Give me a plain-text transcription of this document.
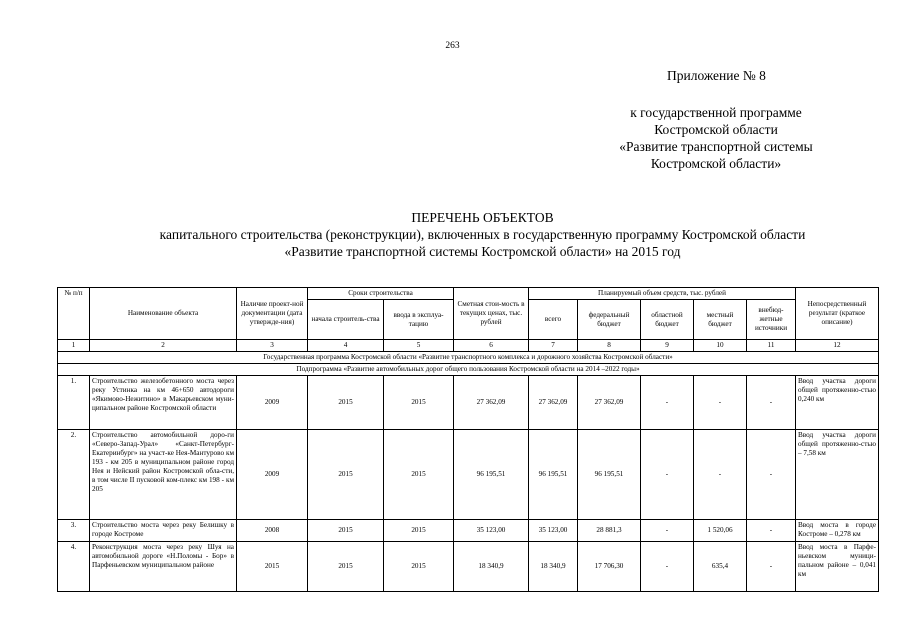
263
Приложение № 8
к государственной программе
Костромской области
«Развитие транспортной системы
Костромской области»
ПЕРЕЧЕНЬ ОБЪЕКТОВ
капитального строительства (реконструкции), включенных в государственную программу Костромской области
«Развитие транспортной системы Костромской области» на 2015 год
№ п/п	Наименование объекта	Наличие проект-ной документации (дата утвержде-ния)	Сроки строительства		Сметная стои-мость в текущих ценах, тыс. рублей	Планируемый объем средств, тыс. рублей					Непосредственный результат (краткое описание)
			начала строитель-ства	ввода в эксплуа-тацию		всего	федеральный бюджет	областной бюджет	местный бюджет	внебюд-жетные источники	
1	2	3	4	5	6	7	8	9	10	11	12
Государственная программа Костромской области «Развитие транспортного комплекса и дорожного хозяйства Костромской области»											
Подпрограмма «Развитие автомобильных дорог общего пользования Костромской области на 2014 –2022 годы»											
1.	Строительство железобетонного моста через реку Устинка на км 46+650 автодороги «Якимово-Нежитино» в Макарьевском муни-ципальном районе Костромской области	2009	2015	2015	27 362,09	27 362,09	27 362,09	-	-	-	Ввод участка дороги общей протяженно-стью 0,240 км
2.	Строительство автомобильной доро-ги «Северо-Запад-Урал» «Санкт-Петербург-Екатеринбург» на участ-ке Нея-Мантурово км 193 - км 205 в муниципальном районе город Нея и Нейский район Костромской обла-сти, в том числе II пусковой ком-плекс км 198 - км 205	2009	2015	2015	96 195,51	96 195,51	96 195,51	-	-	-	Ввод участка дороги общей протяженно-стью – 7,58 км
3.	Строительство моста через реку Белишку в городе Костроме	2008	2015	2015	35 123,00	35 123,00	28 881,3	-	1 520,06	-	Ввод моста в городе Костроме – 0,278 км
4.	Реконструкция моста через реку Шуя на автомобильной дороге «Н.Поломы - Бор» в Парфеньевском муниципальном районе	2015	2015	2015	18 340,9	18 340,9	17 706,30	-	635,4	-	Ввод моста в Парфе-ньевском муници-пальном районе – 0,041 км
